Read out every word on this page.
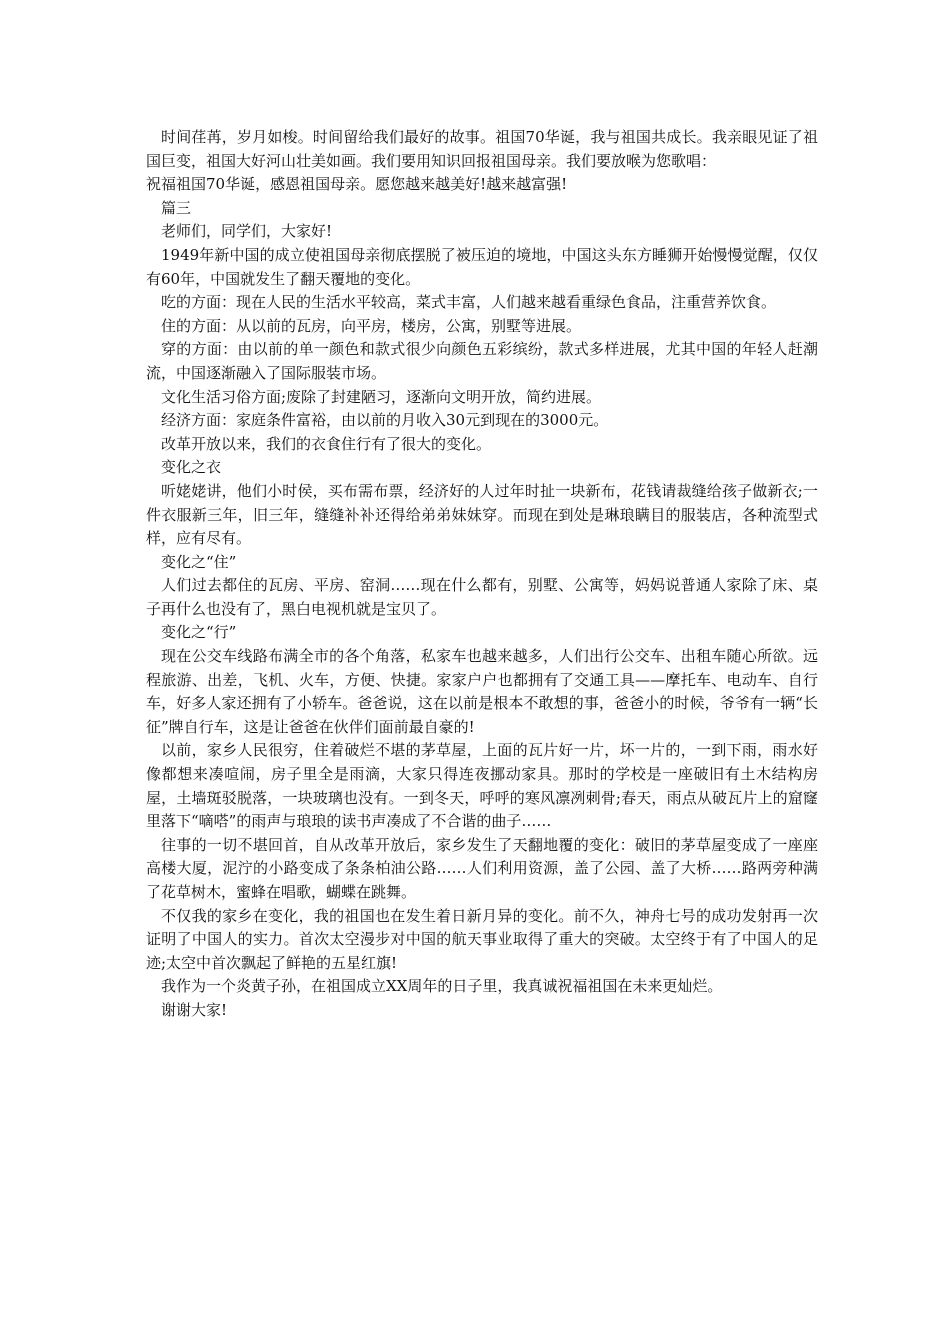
时间荏苒，岁月如梭。时间留给我们最好的故事。祖国70华诞，我与祖国共成长。我亲眼见证了祖国巨变，祖国大好河山壮美如画。我们要用知识回报祖国母亲。我们要放喉为您歌唱：

祝福祖国70华诞，感恩祖国母亲。愿您越来越美好!越来越富强!

篇三

老师们，同学们，大家好!

1949年新中国的成立使祖国母亲彻底摆脱了被压迫的境地，中国这头东方睡狮开始慢慢觉醒，仅仅有60年，中国就发生了翻天覆地的变化。

吃的方面：现在人民的生活水平较高，菜式丰富，人们越来越看重绿色食品，注重营养饮食。

住的方面：从以前的瓦房，向平房，楼房，公寓，别墅等进展。

穿的方面：由以前的单一颜色和款式很少向颜色五彩缤纷，款式多样进展，尤其中国的年轻人赶潮流，中国逐渐融入了国际服装市场。

文化生活习俗方面;废除了封建陋习，逐渐向文明开放，简约进展。

经济方面：家庭条件富裕，由以前的月收入30元到现在的3000元。

改革开放以来，我们的衣食住行有了很大的变化。

变化之衣

听姥姥讲，他们小时侯，买布需布票，经济好的人过年时扯一块新布，花钱请裁缝给孩子做新衣;一件衣服新三年，旧三年，缝缝补补还得给弟弟妹妹穿。而现在到处是琳琅瞒目的服装店，各种流型式样，应有尽有。

变化之“住”

人们过去都住的瓦房、平房、窑洞……现在什么都有，别墅、公寓等，妈妈说普通人家除了床、桌子再什么也没有了，黑白电视机就是宝贝了。

变化之“行”

现在公交车线路布满全市的各个角落，私家车也越来越多，人们出行公交车、出租车随心所欲。远程旅游、出差，飞机、火车，方便、快捷。家家户户也都拥有了交通工具——摩托车、电动车、自行车，好多人家还拥有了小轿车。爸爸说，这在以前是根本不敢想的事，爸爸小的时候，爷爷有一辆“长征”牌自行车，这是让爸爸在伙伴们面前最自豪的!

以前，家乡人民很穷，住着破烂不堪的茅草屋，上面的瓦片好一片，坏一片的，一到下雨，雨水好像都想来凑喧闹，房子里全是雨滴，大家只得连夜挪动家具。那时的学校是一座破旧有土木结构房屋，土墙斑驳脱落，一块玻璃也没有。一到冬天，呼呼的寒风凛冽刺骨;春天，雨点从破瓦片上的窟窿里落下“嘀嗒”的雨声与琅琅的读书声凑成了不合谐的曲子……

往事的一切不堪回首，自从改革开放后，家乡发生了天翻地覆的变化：破旧的茅草屋变成了一座座高楼大厦，泥泞的小路变成了条条柏油公路……人们利用资源，盖了公园、盖了大桥……路两旁种满了花草树木，蜜蜂在唱歌，蝴蝶在跳舞。

不仅我的家乡在变化，我的祖国也在发生着日新月异的变化。前不久，神舟七号的成功发射再一次证明了中国人的实力。首次太空漫步对中国的航天事业取得了重大的突破。太空终于有了中国人的足迹;太空中首次飘起了鲜艳的五星红旗!

我作为一个炎黄子孙，在祖国成立XX周年的日子里，我真诚祝福祖国在未来更灿烂。

谢谢大家!
